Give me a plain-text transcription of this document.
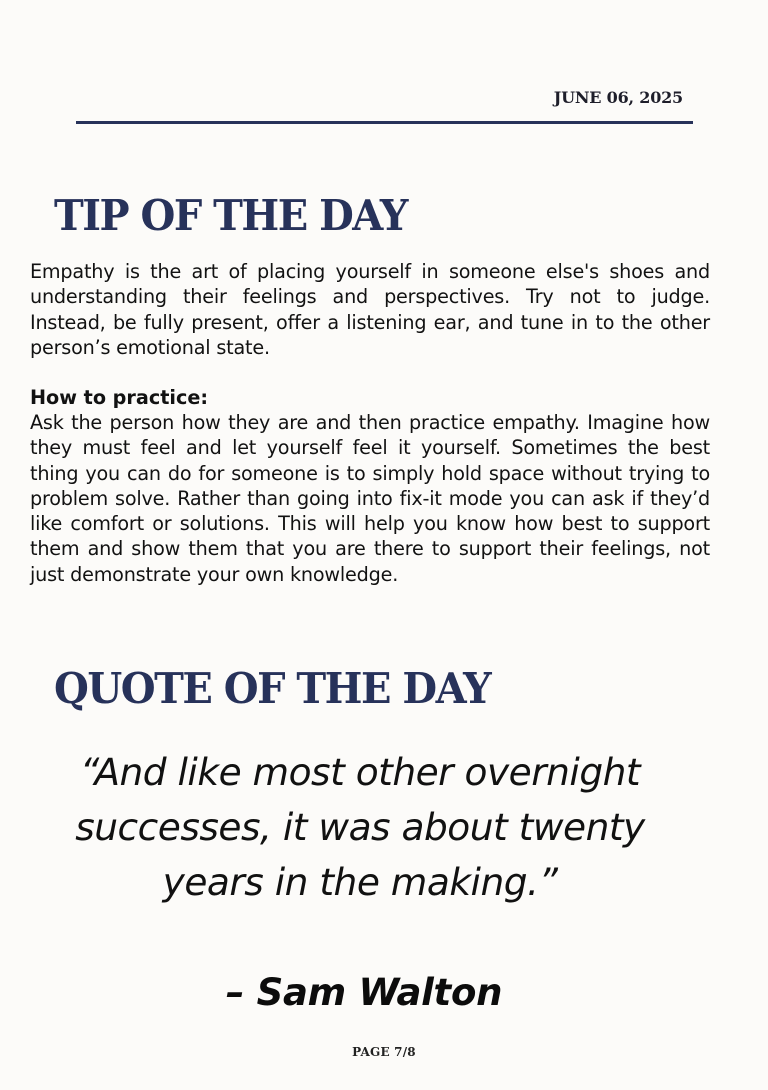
JUNE 06, 2025
TIP OF THE DAY
Empathy is the art of placing yourself in someone else's shoes and understanding their feelings and perspectives. Try not to judge. Instead, be fully present, offer a listening ear, and tune in to the other person’s emotional state.
How to practice:
Ask the person how they are and then practice empathy. Imagine how they must feel and let yourself feel it yourself. Sometimes the best thing you can do for someone is to simply hold space without trying to problem solve. Rather than going into fix-it mode you can ask if they’d like comfort or solutions. This will help you know how best to support them and show them that you are there to support their feelings, not just demonstrate your own knowledge.
QUOTE OF THE DAY
“And like most other overnight successes, it was about twenty years in the making.”
– Sam Walton
PAGE 7/8
